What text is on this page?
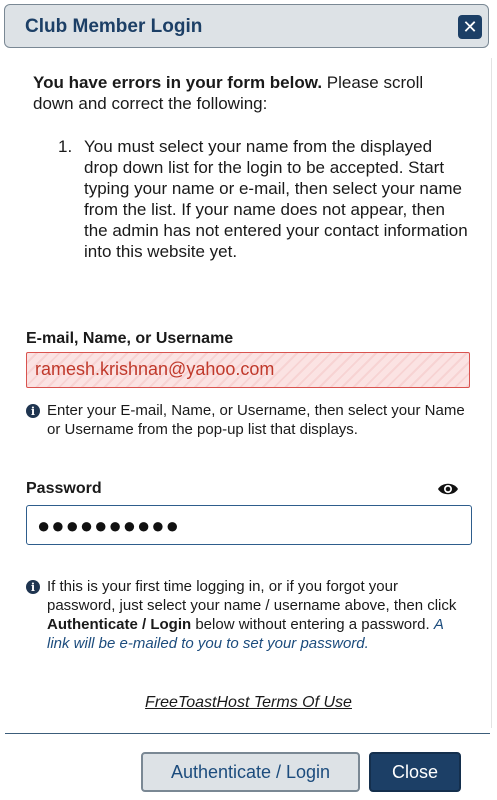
Club Member Login	✕
You have errors in your form below. Please scroll down and correct the following:
1. You must select your name from the displayed drop down list for the login to be accepted. Start typing your name or e-mail, then select your name from the list. If your name does not appear, then the admin has not entered your contact information into this website yet.
E-mail, Name, or Username
ramesh.krishnan@yahoo.com
i Enter your E-mail, Name, or Username, then select your Name or Username from the pop-up list that displays.
Password
●●●●●●●●●●
i If this is your first time logging in, or if you forgot your password, just select your name / username above, then click Authenticate / Login below without entering a password. A link will be e-mailed to you to set your password.
FreeToastHost Terms Of Use
Authenticate / Login	Close
